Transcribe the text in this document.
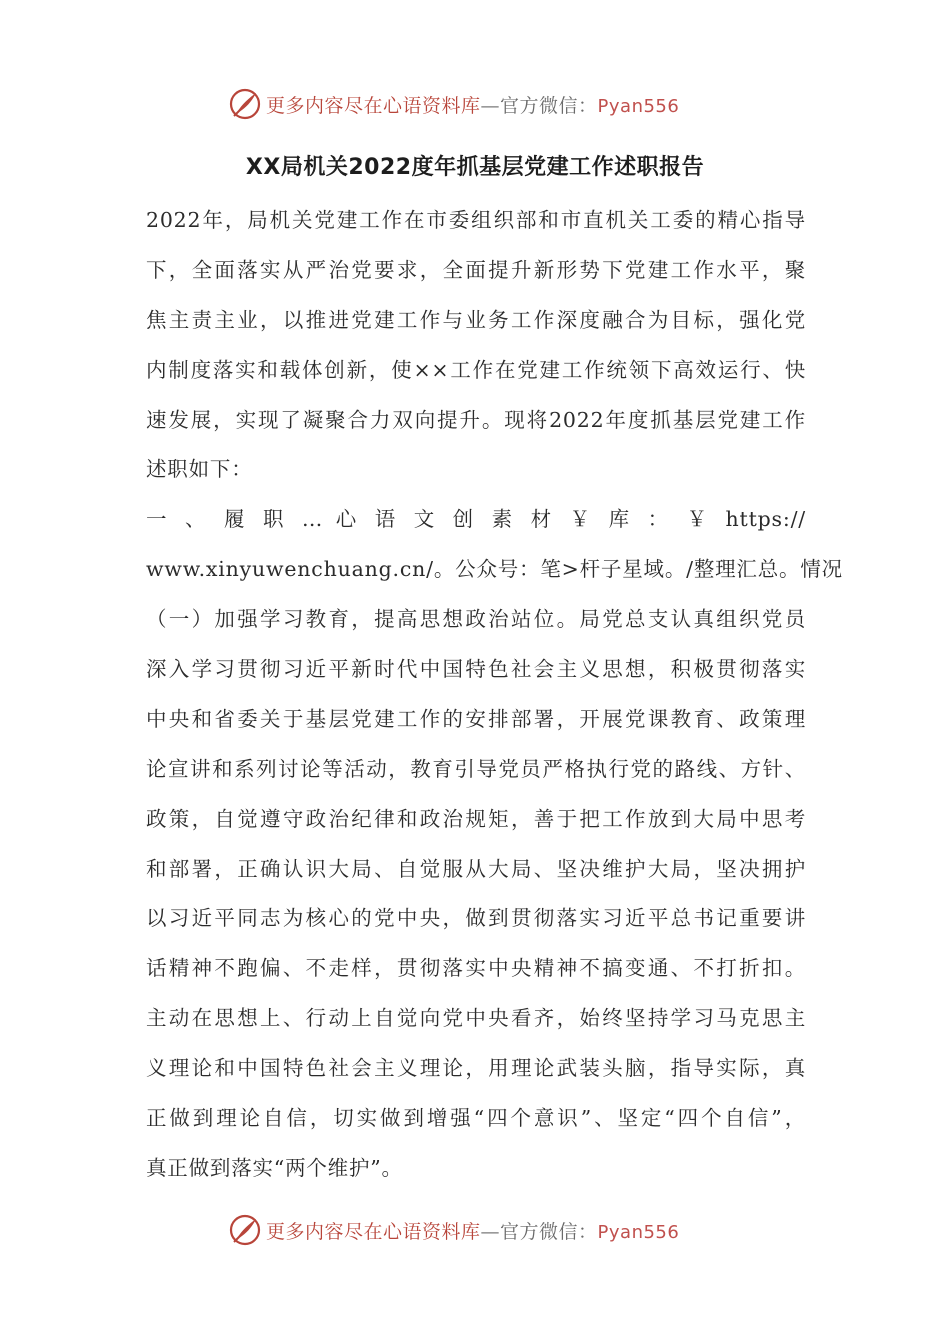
更多内容尽在心语资料库—官方微信：Pyan556
XX局机关2022度年抓基层党建工作述职报告
2022年，局机关党建工作在市委组织部和市直机关工委的精心指导
下，全面落实从严治党要求，全面提升新形势下党建工作水平，聚
焦主责主业，以推进党建工作与业务工作深度融合为目标，强化党
内制度落实和载体创新，使××工作在党建工作统领下高效运行、快
速发展，实现了凝聚合力双向提升。现将2022年度抓基层党建工作
述职如下：
一 、 履 职 … 心 语 文 创 素 材 ￥ 库 ： ￥ https://
www.xinyuwenchuang.cn/。公众号：笔>杆子星域。/整理汇总。情况
（一）加强学习教育，提高思想政治站位。局党总支认真组织党员
深入学习贯彻习近平新时代中国特色社会主义思想，积极贯彻落实
中央和省委关于基层党建工作的安排部署，开展党课教育、政策理
论宣讲和系列讨论等活动，教育引导党员严格执行党的路线、方针、
政策，自觉遵守政治纪律和政治规矩，善于把工作放到大局中思考
和部署，正确认识大局、自觉服从大局、坚决维护大局，坚决拥护
以习近平同志为核心的党中央，做到贯彻落实习近平总书记重要讲
话精神不跑偏、不走样，贯彻落实中央精神不搞变通、不打折扣。
主动在思想上、行动上自觉向党中央看齐，始终坚持学习马克思主
义理论和中国特色社会主义理论，用理论武装头脑，指导实际，真
正做到理论自信，切实做到增强“四个意识”、坚定“四个自信”，
真正做到落实“两个维护”。
更多内容尽在心语资料库—官方微信：Pyan556
